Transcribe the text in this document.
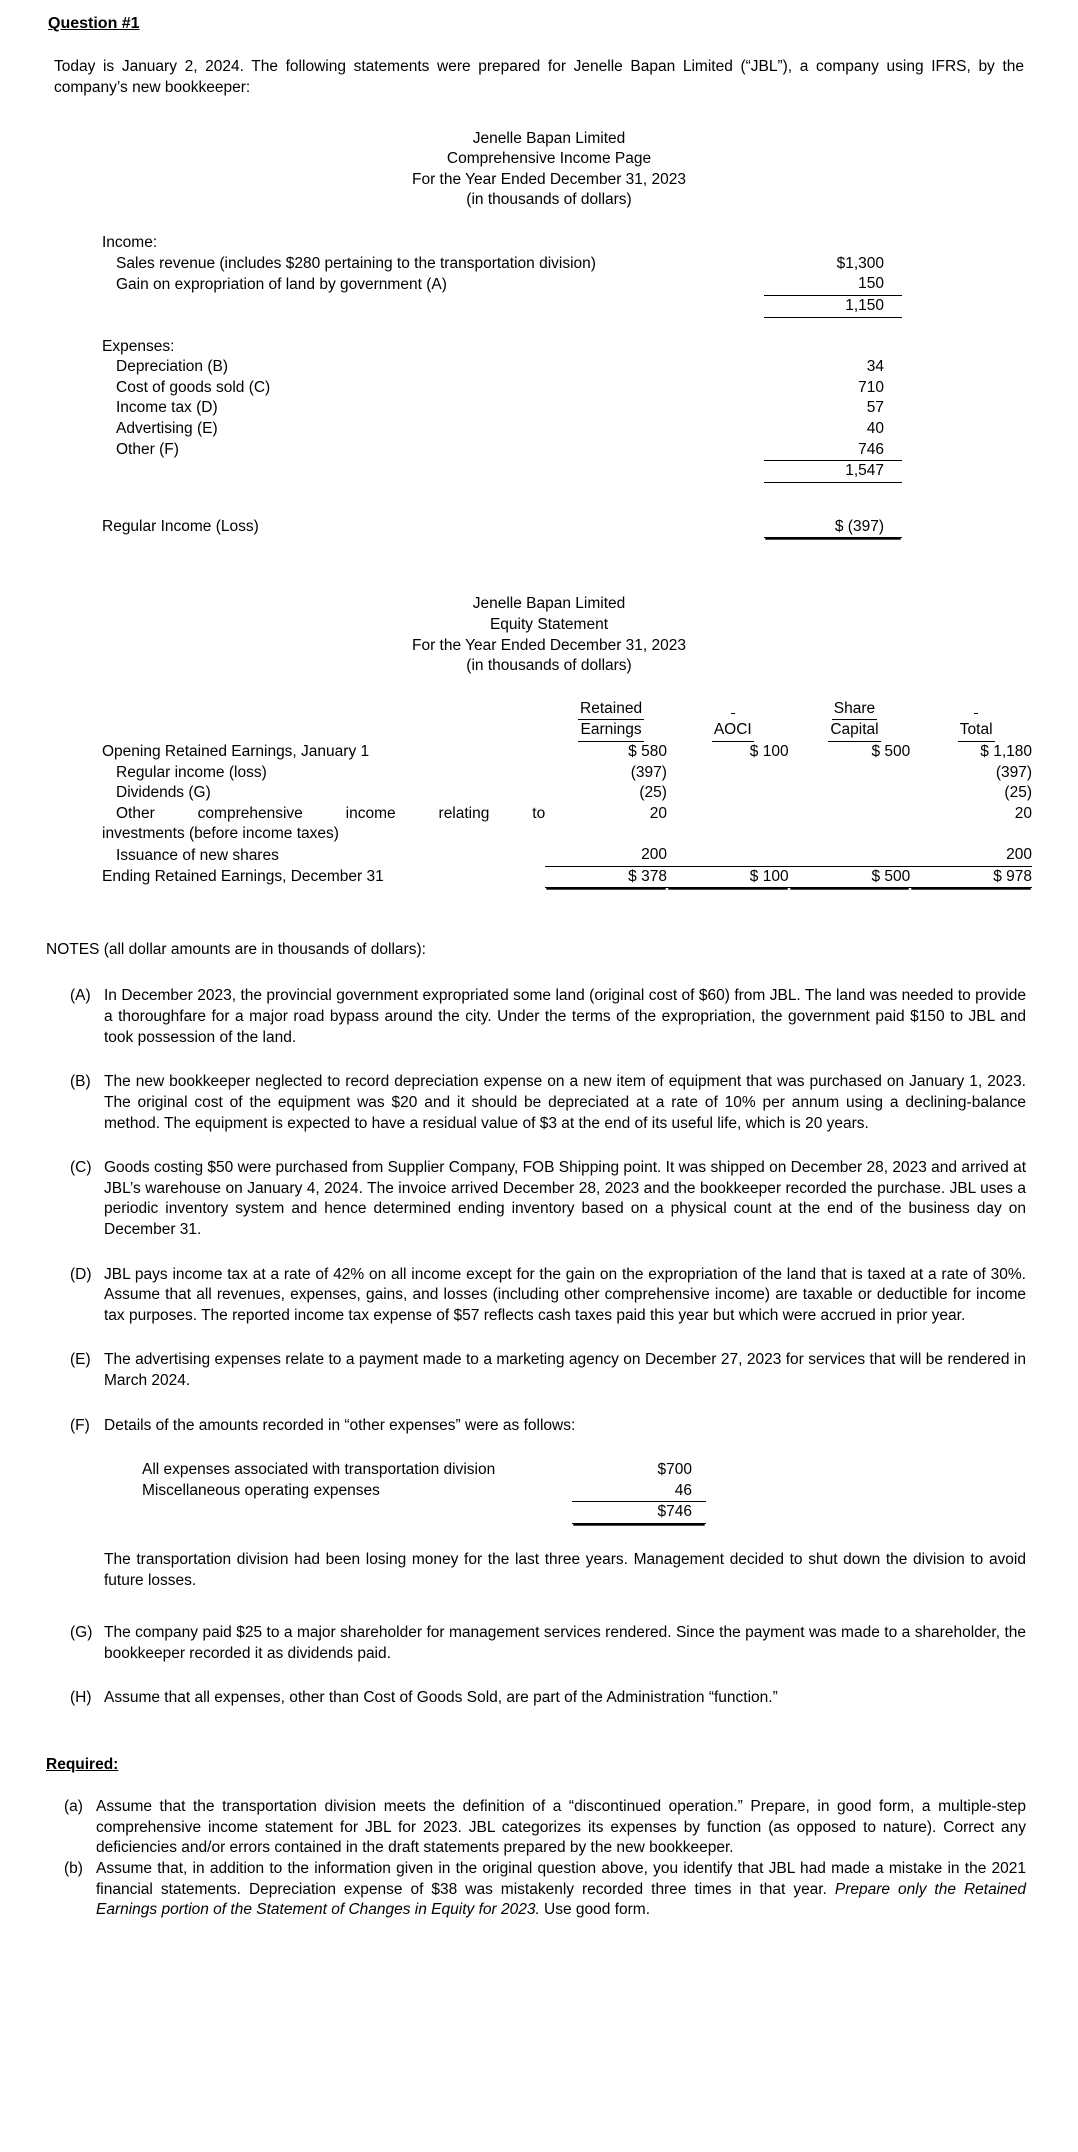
Question #1
Today is January 2, 2024. The following statements were prepared for Jenelle Bapan Limited (“JBL”), a company using IFRS, by the company’s new bookkeeper:
Jenelle Bapan Limited
Comprehensive Income Page
For the Year Ended December 31, 2023
(in thousands of dollars)
Income:	
Sales revenue (includes $280 pertaining to the transportation division)	$1,300
Gain on expropriation of land by government (A)	150
	1,150

Expenses:	
Depreciation (B)	34
Cost of goods sold (C)	710
Income tax (D)	57
Advertising (E)	40
Other (F)	746
	1,547

Regular Income (Loss)	$ (397)
Jenelle Bapan Limited
Equity Statement
For the Year Ended December 31, 2023
(in thousands of dollars)
	Retained		Share	
	Earnings	AOCI	Capital	Total
Opening Retained Earnings, January 1	$ 580	$ 100	$ 500	$ 1,180
Regular income (loss)	(397)			(397)
Dividends (G)	(25)			(25)
Other comprehensive income relating to	20			20
investments (before income taxes)				
Issuance of new shares	200			200
Ending Retained Earnings, December 31	$ 378	$ 100	$ 500	$ 978
NOTES (all dollar amounts are in thousands of dollars):
(A) In December 2023, the provincial government expropriated some land (original cost of $60) from JBL. The land was needed to provide a thoroughfare for a major road bypass around the city. Under the terms of the expropriation, the government paid $150 to JBL and took possession of the land.
(B) The new bookkeeper neglected to record depreciation expense on a new item of equipment that was purchased on January 1, 2023. The original cost of the equipment was $20 and it should be depreciated at a rate of 10% per annum using a declining-balance method. The equipment is expected to have a residual value of $3 at the end of its useful life, which is 20 years.
(C) Goods costing $50 were purchased from Supplier Company, FOB Shipping point. It was shipped on December 28, 2023 and arrived at JBL’s warehouse on January 4, 2024. The invoice arrived December 28, 2023 and the bookkeeper recorded the purchase. JBL uses a periodic inventory system and hence determined ending inventory based on a physical count at the end of the business day on December 31.
(D) JBL pays income tax at a rate of 42% on all income except for the gain on the expropriation of the land that is taxed at a rate of 30%. Assume that all revenues, expenses, gains, and losses (including other comprehensive income) are taxable or deductible for income tax purposes. The reported income tax expense of $57 reflects cash taxes paid this year but which were accrued in prior year.
(E) The advertising expenses relate to a payment made to a marketing agency on December 27, 2023 for services that will be rendered in March 2024.
(F) Details of the amounts recorded in “other expenses” were as follows:
All expenses associated with transportation division	$700
Miscellaneous operating expenses	46
	$746
The transportation division had been losing money for the last three years. Management decided to shut down the division to avoid future losses.
(G) The company paid $25 to a major shareholder for management services rendered. Since the payment was made to a shareholder, the bookkeeper recorded it as dividends paid.
(H) Assume that all expenses, other than Cost of Goods Sold, are part of the Administration “function.”
Required:
(a) Assume that the transportation division meets the definition of a “discontinued operation.” Prepare, in good form, a multiple-step comprehensive income statement for JBL for 2023. JBL categorizes its expenses by function (as opposed to nature). Correct any deficiencies and/or errors contained in the draft statements prepared by the new bookkeeper.
(b) Assume that, in addition to the information given in the original question above, you identify that JBL had made a mistake in the 2021 financial statements. Depreciation expense of $38 was mistakenly recorded three times in that year. Prepare only the Retained Earnings portion of the Statement of Changes in Equity for 2023. Use good form.
